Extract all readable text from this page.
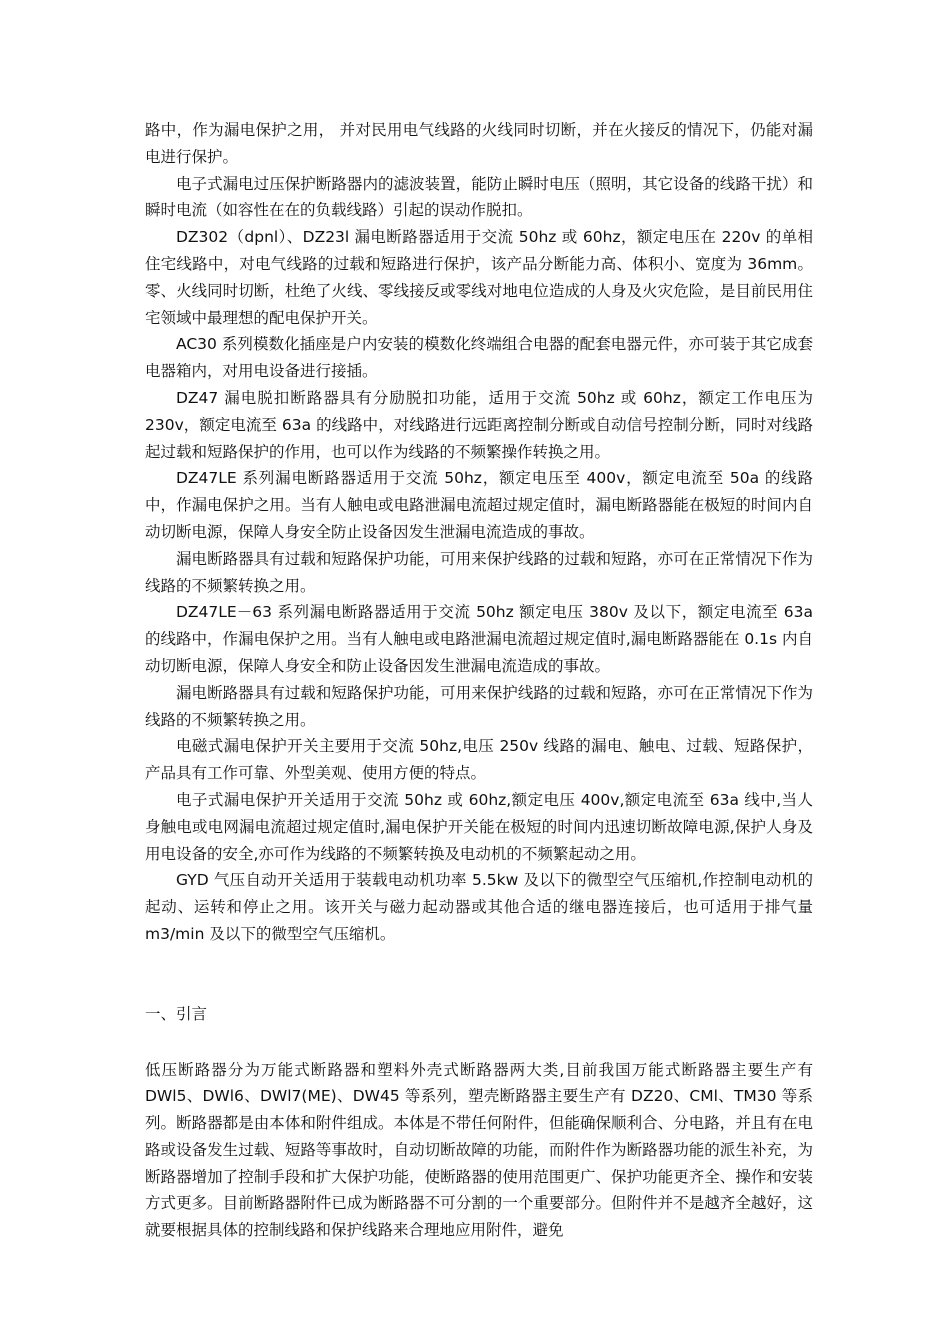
路中，作为漏电保护之用， 并对民用电气线路的火线同时切断，并在火接反的情况下，仍能对漏电进行保护。

电子式漏电过压保护断路器内的滤波装置，能防止瞬时电压（照明，其它设备的线路干扰）和瞬时电流（如容性在在的负载线路）引起的误动作脱扣。

DZ302（dpnl）、DZ23l 漏电断路器适用于交流 50hz 或 60hz，额定电压在 220v 的单相住宅线路中，对电气线路的过载和短路进行保护，该产品分断能力高、体积小、宽度为 36mm。零、火线同时切断，杜绝了火线、零线接反或零线对地电位造成的人身及火灾危险，是目前民用住宅领域中最理想的配电保护开关。

AC30 系列模数化插座是户内安装的模数化终端组合电器的配套电器元件，亦可装于其它成套电器箱内，对用电设备进行接插。

DZ47 漏电脱扣断路器具有分励脱扣功能，适用于交流 50hz 或 60hz，额定工作电压为 230v，额定电流至 63a 的线路中，对线路进行远距离控制分断或自动信号控制分断，同时对线路起过载和短路保护的作用，也可以作为线路的不频繁操作转换之用。

DZ47LE 系列漏电断路器适用于交流 50hz，额定电压至 400v，额定电流至 50a 的线路中，作漏电保护之用。当有人触电或电路泄漏电流超过规定值时，漏电断路器能在极短的时间内自动切断电源，保障人身安全防止设备因发生泄漏电流造成的事故。

漏电断路器具有过载和短路保护功能，可用来保护线路的过载和短路，亦可在正常情况下作为线路的不频繁转换之用。

DZ47LE－63 系列漏电断路器适用于交流 50hz 额定电压 380v 及以下，额定电流至 63a 的线路中，作漏电保护之用。当有人触电或电路泄漏电流超过规定值时,漏电断路器能在 0.1s 内自动切断电源，保障人身安全和防止设备因发生泄漏电流造成的事故。

漏电断路器具有过载和短路保护功能，可用来保护线路的过载和短路，亦可在正常情况下作为线路的不频繁转换之用。

电磁式漏电保护开关主要用于交流 50hz,电压 250v 线路的漏电、触电、过载、短路保护，产品具有工作可靠、外型美观、使用方便的特点。

电子式漏电保护开关适用于交流 50hz 或 60hz,额定电压 400v,额定电流至 63a 线中,当人身触电或电网漏电流超过规定值时,漏电保护开关能在极短的时间内迅速切断故障电源,保护人身及用电设备的安全,亦可作为线路的不频繁转换及电动机的不频繁起动之用。

GYD 气压自动开关适用于装载电动机功率 5.5kw 及以下的微型空气压缩机,作控制电动机的起动、运转和停止之用。该开关与磁力起动器或其他合适的继电器连接后，也可适用于排气量 m3/min 及以下的微型空气压缩机。

一、引言

低压断路器分为万能式断路器和塑料外壳式断路器两大类,目前我国万能式断路器主要生产有 DWl5、DWl6、DWl7(ME)、DW45 等系列，塑壳断路器主要生产有 DZ20、CMl、TM30 等系列。断路器都是由本体和附件组成。本体是不带任何附件，但能确保顺利合、分电路，并且有在电路或设备发生过载、短路等事故时，自动切断故障的功能，而附件作为断路器功能的派生补充，为断路器增加了控制手段和扩大保护功能，使断路器的使用范围更广、保护功能更齐全、操作和安装方式更多。目前断路器附件已成为断路器不可分割的一个重要部分。但附件并不是越齐全越好，这就要根据具体的控制线路和保护线路来合理地应用附件，避免
